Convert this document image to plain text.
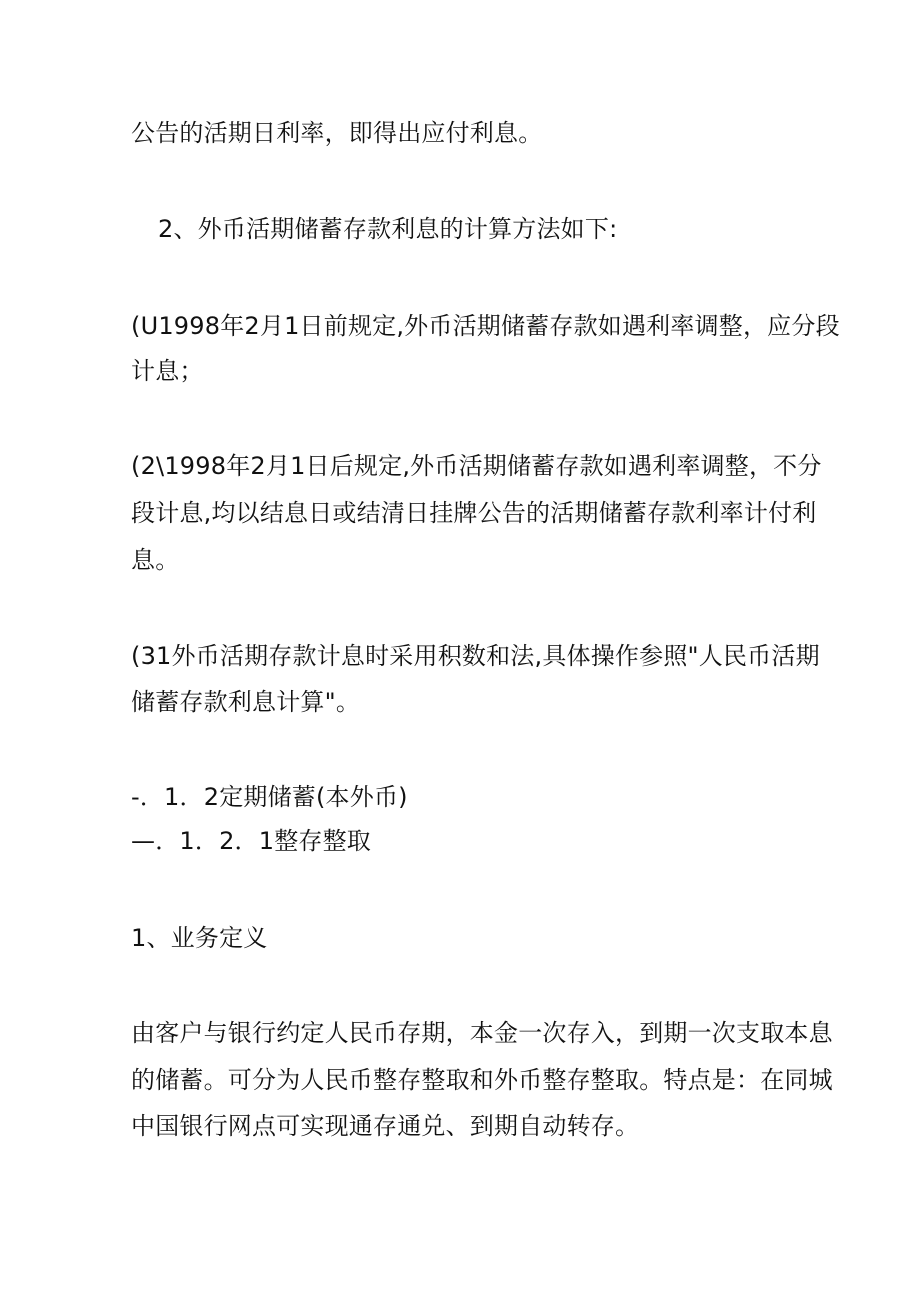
公告的活期日利率，即得出应付利息。
2、外币活期储蓄存款利息的计算方法如下:
(U1998年2月1日前规定,外币活期储蓄存款如遇利率调整，应分段
计息；
(2\1998年2月1日后规定,外币活期储蓄存款如遇利率调整，不分
段计息,均以结息日或结清日挂牌公告的活期储蓄存款利率计付利
息。
(31外币活期存款计息时采用积数和法,具体操作参照"人民币活期
储蓄存款利息计算"。
-．1．2定期储蓄(本外币)
—．1．2．1整存整取
1、业务定义
由客户与银行约定人民币存期，本金一次存入，到期一次支取本息
的储蓄。可分为人民币整存整取和外币整存整取。特点是：在同城
中国银行网点可实现通存通兑、到期自动转存。
